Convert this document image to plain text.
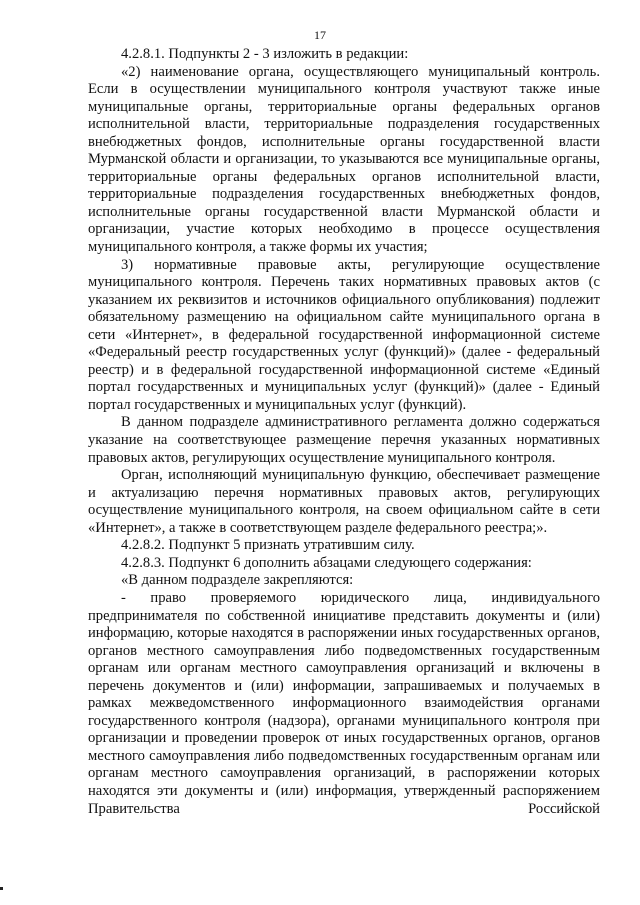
17

4.2.8.1. Подпункты 2 - 3 изложить в редакции:

«2) наименование органа, осуществляющего муниципальный контроль. Если в осуществлении муниципального контроля участвуют также иные муниципальные органы, территориальные органы федеральных органов исполнительной власти, территориальные подразделения государственных внебюджетных фондов, исполнительные органы государственной власти Мурманской области и организации, то указываются все муниципальные органы, территориальные органы федеральных органов исполнительной власти, территориальные подразделения государственных внебюджетных фондов, исполнительные органы государственной власти Мурманской области и организации, участие которых необходимо в процессе осуществления муниципального контроля, а также формы их участия;

3) нормативные правовые акты, регулирующие осуществление муниципального контроля. Перечень таких нормативных правовых актов (с указанием их реквизитов и источников официального опубликования) подлежит обязательному размещению на официальном сайте муниципального органа в сети «Интернет», в федеральной государственной информационной системе «Федеральный реестр государственных услуг (функций)» (далее - федеральный реестр) и в федеральной государственной информационной системе «Единый портал государственных и муниципальных услуг (функций)» (далее - Единый портал государственных и муниципальных услуг (функций).

В данном подразделе административного регламента должно содержаться указание на соответствующее размещение перечня указанных нормативных правовых актов, регулирующих осуществление муниципального контроля.

Орган, исполняющий муниципальную функцию, обеспечивает размещение и актуализацию перечня нормативных правовых актов, регулирующих осуществление муниципального контроля, на своем официальном сайте в сети «Интернет», а также в соответствующем разделе федерального реестра;».

4.2.8.2. Подпункт 5 признать утратившим силу.

4.2.8.3. Подпункт 6 дополнить абзацами следующего содержания:

«В данном подразделе закрепляются:

- право проверяемого юридического лица, индивидуального предпринимателя по собственной инициативе представить документы и (или) информацию, которые находятся в распоряжении иных государственных органов, органов местного самоуправления либо подведомственных государственным органам или органам местного самоуправления организаций и включены в перечень документов и (или) информации, запрашиваемых и получаемых в рамках межведомственного информационного взаимодействия органами государственного контроля (надзора), органами муниципального контроля при организации и проведении проверок от иных государственных органов, органов местного самоуправления либо подведомственных государственным органам или органам местного самоуправления организаций, в распоряжении которых находятся эти документы и (или) информация, утвержденный распоряжением Правительства Российской
